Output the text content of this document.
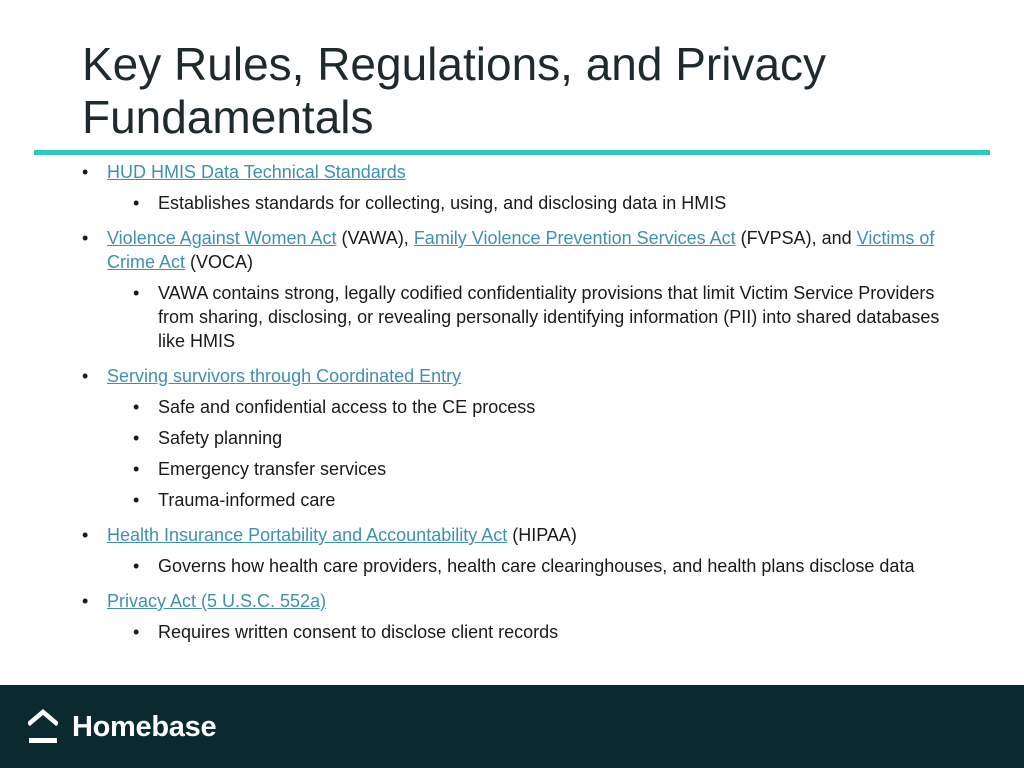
Key Rules, Regulations, and Privacy Fundamentals
• HUD HMIS Data Technical Standards
• Establishes standards for collecting, using, and disclosing data in HMIS
• Violence Against Women Act (VAWA), Family Violence Prevention Services Act (FVPSA), and Victims of Crime Act (VOCA)
• VAWA contains strong, legally codified confidentiality provisions that limit Victim Service Providers from sharing, disclosing, or revealing personally identifying information (PII) into shared databases like HMIS
• Serving survivors through Coordinated Entry
• Safe and confidential access to the CE process
• Safety planning
• Emergency transfer services
• Trauma-informed care
• Health Insurance Portability and Accountability Act (HIPAA)
• Governs how health care providers, health care clearinghouses, and health plans disclose data
• Privacy Act (5 U.S.C. 552a)
• Requires written consent to disclose client records
Homebase
